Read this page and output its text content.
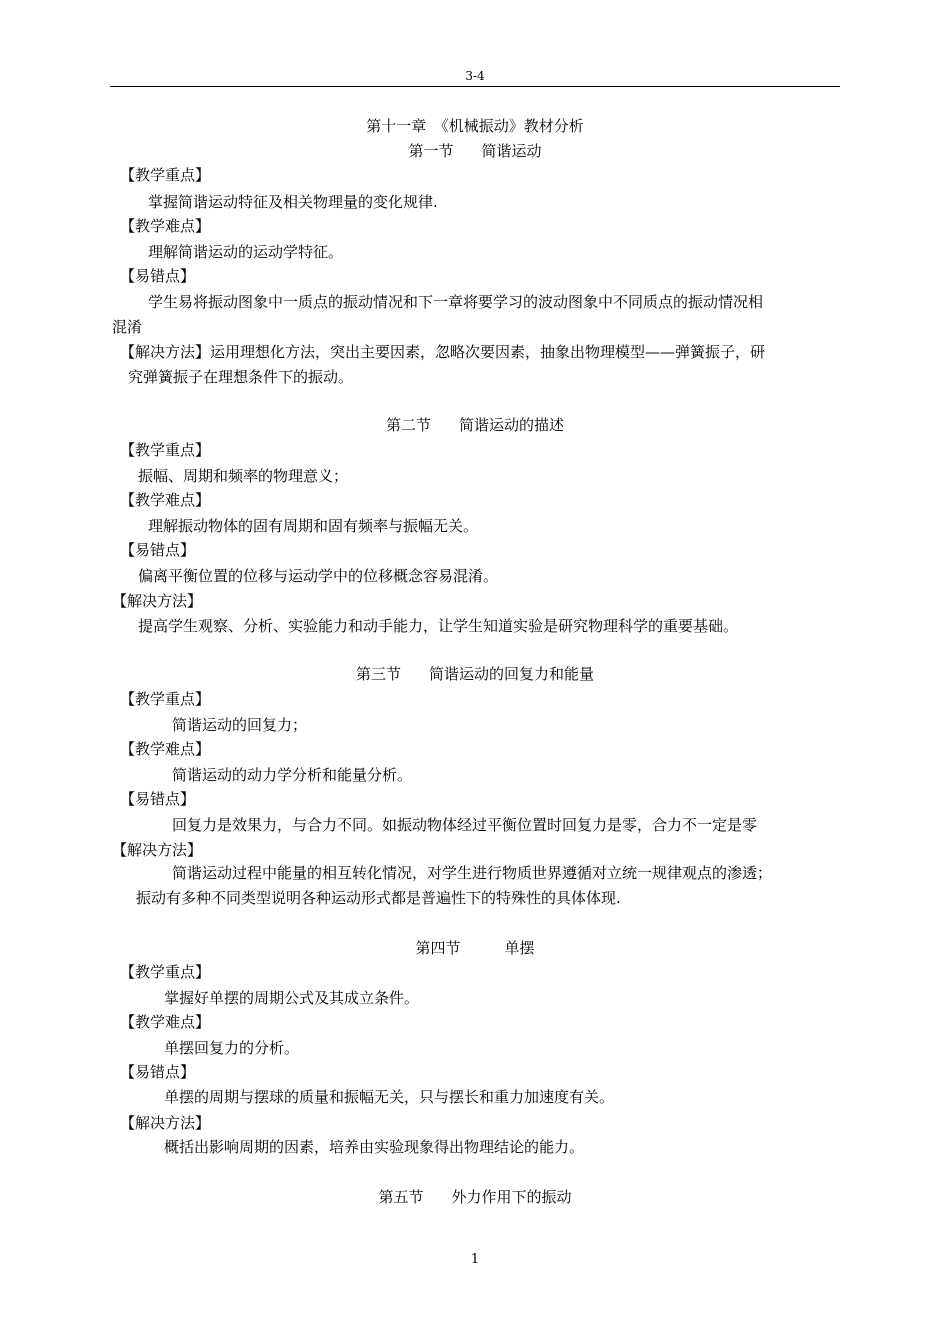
3-4
第十一章　《机械振动》教材分析
第一节 简谐运动
【教学重点】
掌握简谐运动特征及相关物理量的变化规律.
【教学难点】
理解简谐运动的运动学特征。
【易错点】
学生易将振动图象中一质点的振动情况和下一章将要学习的波动图象中不同质点的振动情况相
混淆
【解决方法】运用理想化方法，突出主要因素，忽略次要因素，抽象出物理模型——弹簧振子，研
究弹簧振子在理想条件下的振动。
第二节 简谐运动的描述
【教学重点】
振幅、周期和频率的物理意义；
【教学难点】
理解振动物体的固有周期和固有频率与振幅无关。
【易错点】
偏离平衡位置的位移与运动学中的位移概念容易混淆。
【解决方法】
提高学生观察、分析、实验能力和动手能力，让学生知道实验是研究物理科学的重要基础。
第三节 简谐运动的回复力和能量
【教学重点】
简谐运动的回复力；
【教学难点】
简谐运动的动力学分析和能量分析。
【易错点】
回复力是效果力，与合力不同。如振动物体经过平衡位置时回复力是零，合力不一定是零
【解决方法】
简谐运动过程中能量的相互转化情况，对学生进行物质世界遵循对立统一规律观点的渗透；
振动有多种不同类型说明各种运动形式都是普遍性下的特殊性的具体体现.
第四节	单摆
【教学重点】
掌握好单摆的周期公式及其成立条件。
【教学难点】
单摆回复力的分析。
【易错点】
单摆的周期与摆球的质量和振幅无关，只与摆长和重力加速度有关。
【解决方法】
概括出影响周期的因素，培养由实验现象得出物理结论的能力。
第五节 外力作用下的振动
1
